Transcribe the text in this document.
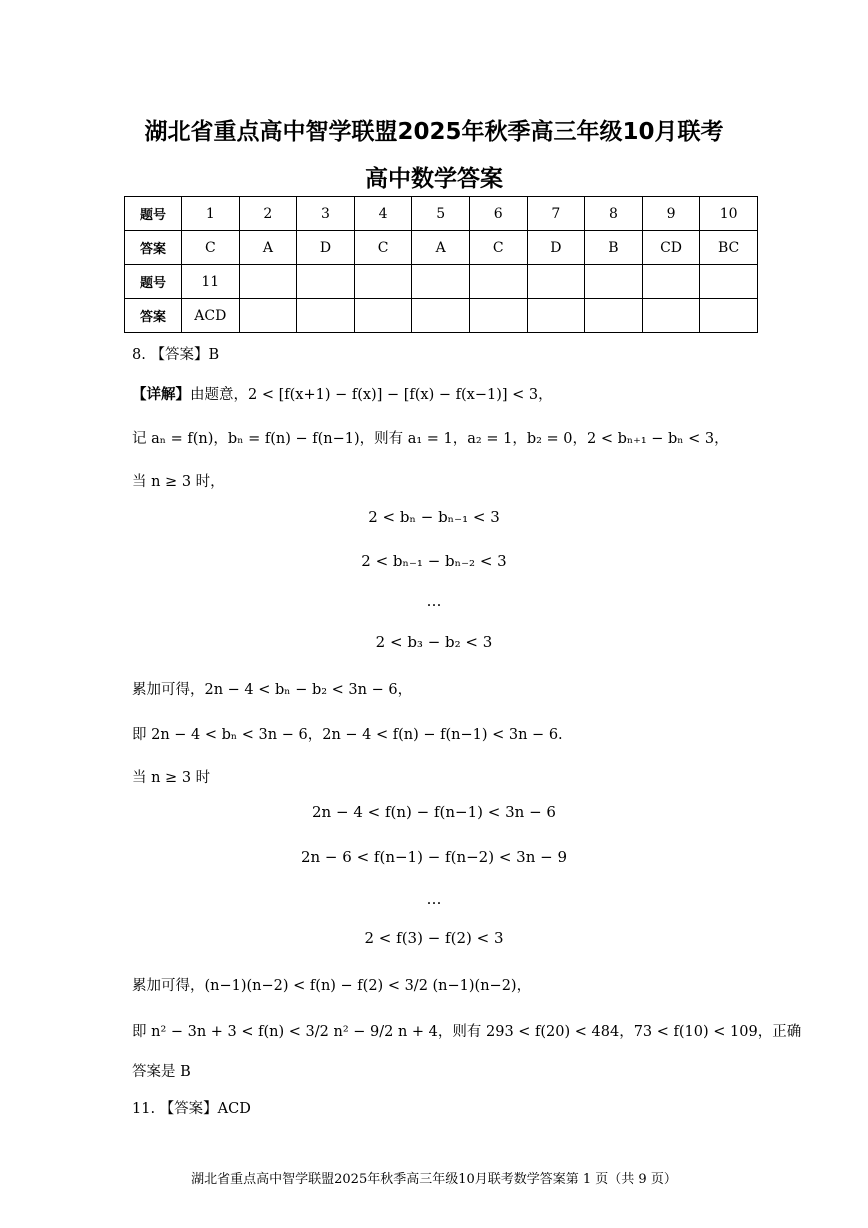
湖北省重点高中智学联盟2025年秋季高三年级10月联考
高中数学答案
题号	1	2	3	4	5	6	7	8	9	10
答案	C	A	D	C	A	C	D	B	CD	BC
题号	11									
答案	ACD									
8. 【答案】B
【详解】由题意，2 < [f(x+1) − f(x)] − [f(x) − f(x−1)] < 3，
记 aₙ = f(n)，bₙ = f(n) − f(n−1)，则有 a₁ = 1，a₂ = 1，b₂ = 0，2 < bₙ₊₁ − bₙ < 3，
当 n ≥ 3 时，
2 < bₙ − bₙ₋₁ < 3
2 < bₙ₋₁ − bₙ₋₂ < 3
…
2 < b₃ − b₂ < 3
累加可得，2n − 4 < bₙ − b₂ < 3n − 6，
即 2n − 4 < bₙ < 3n − 6，2n − 4 < f(n) − f(n−1) < 3n − 6.
当 n ≥ 3 时
2n − 4 < f(n) − f(n−1) < 3n − 6
2n − 6 < f(n−1) − f(n−2) < 3n − 9
…
2 < f(3) − f(2) < 3
累加可得，(n−1)(n−2) < f(n) − f(2) < 3/2 (n−1)(n−2)，
即 n² − 3n + 3 < f(n) < 3/2 n² − 9/2 n + 4，则有 293 < f(20) < 484，73 < f(10) < 109，正确
答案是 B
11. 【答案】ACD
湖北省重点高中智学联盟2025年秋季高三年级10月联考数学答案第 1 页（共 9 页）
